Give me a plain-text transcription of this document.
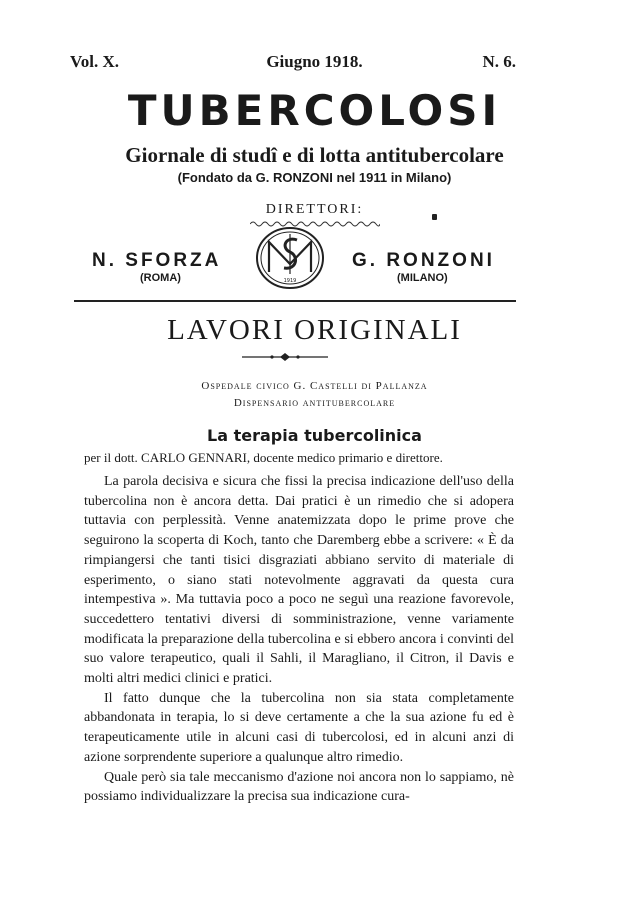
Vol. X.	Giugno 1918.	N. 6.
TUBERCOLOSI
Giornale di studî e di lotta antitubercolare
(Fondato da G. RONZONI nel 1911 in Milano)
DIRETTORI:
N. SFORZA
(ROMA)
G. RONZONI
(MILANO)
1919
LAVORI ORIGINALI
Ospedale civico G. Castelli di Pallanza
Dispensario antitubercolare
La terapia tubercolinica
per il dott. CARLO GENNARI, docente medico primario e direttore.

La parola decisiva e sicura che fissi la precisa indicazione dell'uso della tubercolina non è ancora detta. Dai pratici è un rimedio che si adopera tuttavia con perplessità. Venne anatemizzata dopo le prime prove che seguirono la scoperta di Koch, tanto che Daremberg ebbe a scrivere: « È da rimpiangersi che tanti tisici disgraziati abbiano servito di materiale di esperimento, o siano stati notevolmente aggravati da questa cura intempestiva ». Ma tuttavia poco a poco ne seguì una reazione favorevole, succedettero tentativi diversi di somministrazione, venne variamente modificata la preparazione della tubercolina e si ebbero ancora i convinti del suo valore terapeutico, quali il Sahli, il Maragliano, il Citron, il Davis e molti altri medici clinici e pratici.

Il fatto dunque che la tubercolina non sia stata completamente abbandonata in terapia, lo si deve certamente a che la sua azione fu ed è terapeuticamente utile in alcuni casi di tubercolosi, ed in alcuni anzi di azione sorprendente superiore a qualunque altro rimedio.

Quale però sia tale meccanismo d'azione noi ancora non lo sappiamo, nè possiamo individualizzare la precisa sua indicazione cura-
